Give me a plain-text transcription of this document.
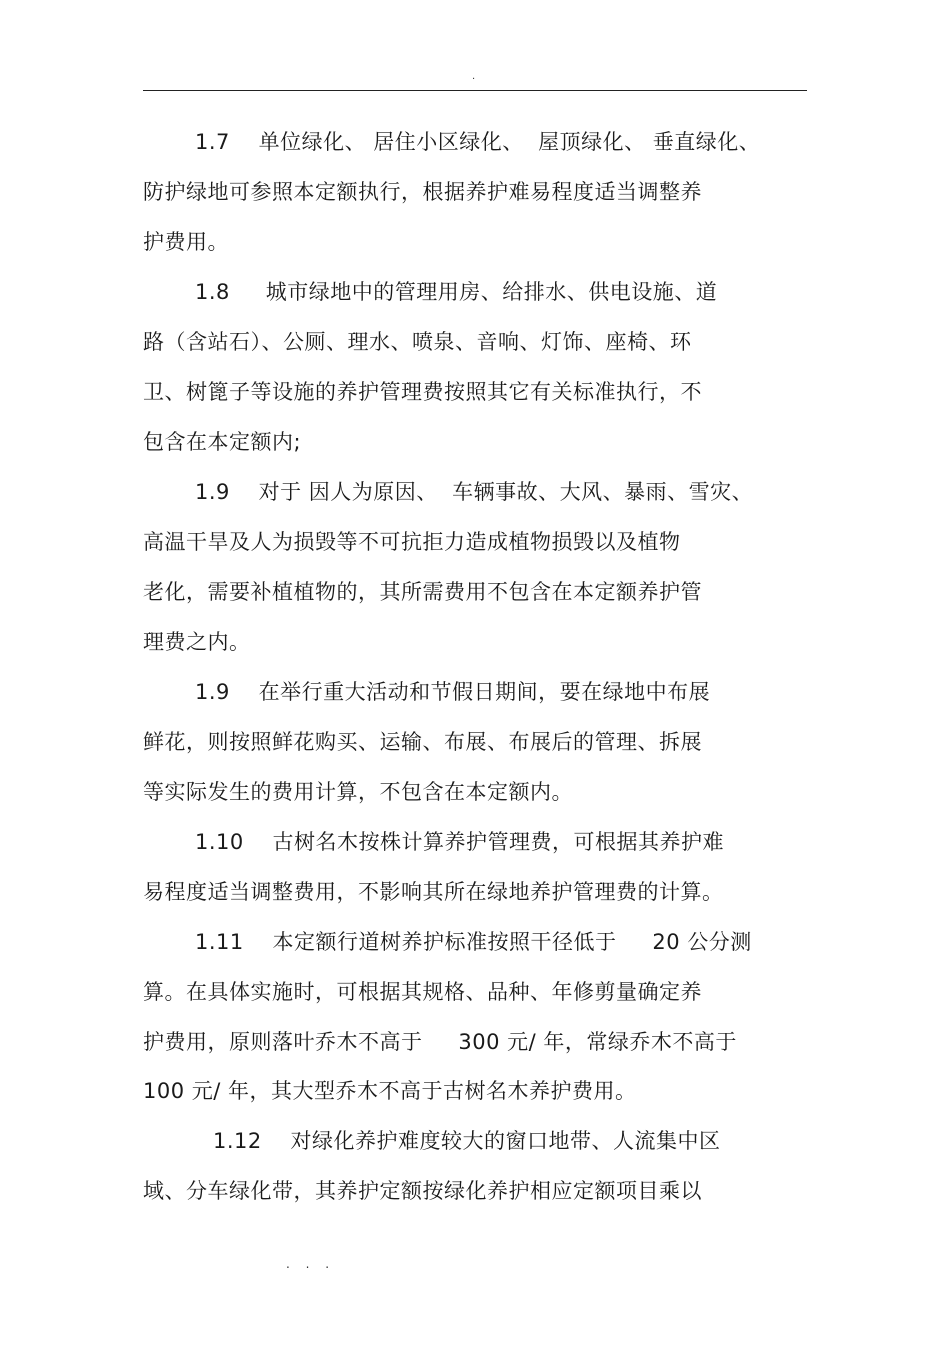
.
1.7    单位绿化、 居住小区绿化、  屋顶绿化、 垂直绿化、
防护绿地可参照本定额执行，根据养护难易程度适当调整养
护费用。
1.8     城市绿地中的管理用房、给排水、供电设施、道
路（含站石）、公厕、理水、喷泉、音响、灯饰、座椅、环
卫、树篦子等设施的养护管理费按照其它有关标准执行，不
包含在本定额内;
1.9    对于 因人为原因、  车辆事故、大风、暴雨、雪灾、
高温干旱及人为损毁等不可抗拒力造成植物损毁以及植物
老化，需要补植植物的，其所需费用不包含在本定额养护管
理费之内。
1.9    在举行重大活动和节假日期间，要在绿地中布展
鲜花，则按照鲜花购买、运输、布展、布展后的管理、拆展
等实际发生的费用计算，不包含在本定额内。
1.10    古树名木按株计算养护管理费，可根据其养护难
易程度适当调整费用，不影响其所在绿地养护管理费的计算。
1.11    本定额行道树养护标准按照干径低于     20 公分测
算。在具体实施时，可根据其规格、品种、年修剪量确定养
护费用，原则落叶乔木不高于     300 元/ 年，常绿乔木不高于
100 元/ 年，其大型乔木不高于古树名木养护费用。
1.12    对绿化养护难度较大的窗口地带、人流集中区
域、分车绿化带，其养护定额按绿化养护相应定额项目乘以
. . .
